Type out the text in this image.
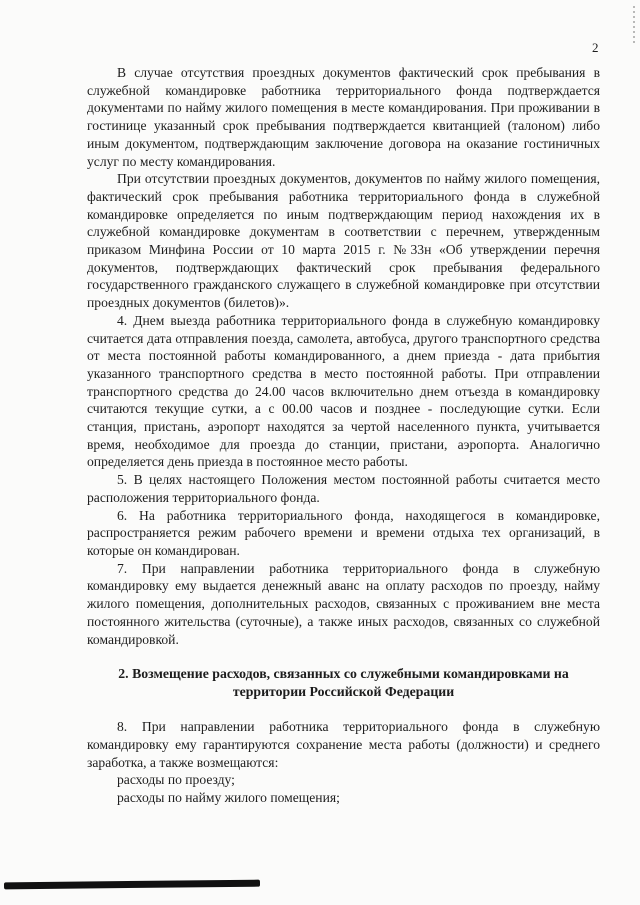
2

В случае отсутствия проездных документов фактический срок пребывания в служебной командировке работника территориального фонда подтверждается документами по найму жилого помещения в месте командирования. При проживании в гостинице указанный срок пребывания подтверждается квитанцией (талоном) либо иным документом, подтверждающим заключение договора на оказание гостиничных услуг по месту командирования.

При отсутствии проездных документов, документов по найму жилого помещения, фактический срок пребывания работника территориального фонда в служебной командировке определяется по иным подтверждающим период нахождения их в служебной командировке документам в соответствии с перечнем, утвержденным приказом Минфина России от 10 марта 2015 г. №33н «Об утверждении перечня документов, подтверждающих фактический срок пребывания федерального государственного гражданского служащего в служебной командировке при отсутствии проездных документов (билетов)».

4. Днем выезда работника территориального фонда в служебную командировку считается дата отправления поезда, самолета, автобуса, другого транспортного средства от места постоянной работы командированного, а днем приезда - дата прибытия указанного транспортного средства в место постоянной работы. При отправлении транспортного средства до 24.00 часов включительно днем отъезда в командировку считаются текущие сутки, а с 00.00 часов и позднее - последующие сутки. Если станция, пристань, аэропорт находятся за чертой населенного пункта, учитывается время, необходимое для проезда до станции, пристани, аэропорта. Аналогично определяется день приезда в постоянное место работы.

5. В целях настоящего Положения местом постоянной работы считается место расположения территориального фонда.

6. На работника территориального фонда, находящегося в командировке, распространяется режим рабочего времени и времени отдыха тех организаций, в которые он командирован.

7. При направлении работника территориального фонда в служебную командировку ему выдается денежный аванс на оплату расходов по проезду, найму жилого помещения, дополнительных расходов, связанных с проживанием вне места постоянного жительства (суточные), а также иных расходов, связанных со служебной командировкой.

2. Возмещение расходов, связанных со служебными командировками на территории Российской Федерации

8. При направлении работника территориального фонда в служебную командировку ему гарантируются сохранение места работы (должности) и среднего заработка, а также возмещаются:

расходы по проезду;

расходы по найму жилого помещения;
